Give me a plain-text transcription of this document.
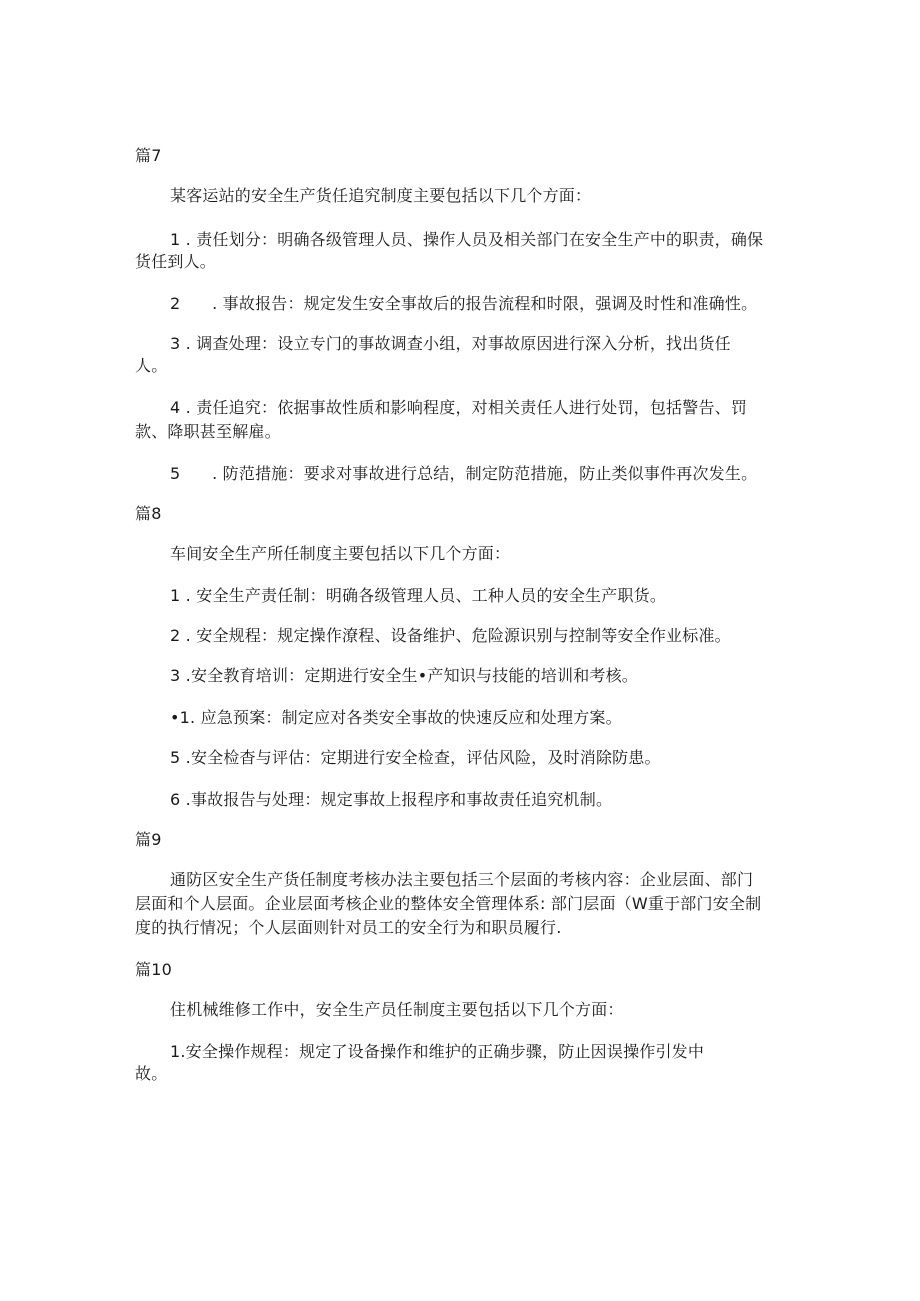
篇7
某客运站的安全生产货任追究制度主要包括以下几个方面：
1 . 责任划分：明确各级管理人员、操作人员及相关部门在安全生产中的职责，确保
货任到人。
2      . 事故报告：规定发生安全事故后的报告流程和时限，强调及时性和准确性。
3 . 调查处理：设立专门的事故调查小组，对事故原因进行深入分析，找出货任
人。
4 . 责任追究：依据事故性质和影响程度，对相关责任人进行处罚，包括警告、罚
款、降职甚至解雇。
5      . 防范措施：要求对事故进行总结，制定防范措施，防止类似事件再次发生。
篇8
车间安全生产所任制度主要包括以下几个方面：
1 . 安全生产责任制：明确各级管理人员、工种人员的安全生产职货。
2 . 安全规程：规定操作潦程、设备维护、危险源识别与控制等安全作业标准。
3 .安全教育培训：定期进行安全生•产知识与技能的培训和考核。
•1. 应急预案：制定应对各类安全事故的快速反应和处理方案。
5 .安全检杳与评估：定期进行安全检查，评估风险，及时消除防患。
6 .事故报告与处理：规定事故上报程序和事故责任追究机制。
篇9
通防区安全生产货任制度考核办法主要包括三个层面的考核内容：企业层面、部门
层面和个人层面。企业层面考核企业的整体安全管理体系: 部门层面（W重于部门安全制
度的执行情况；个人层面则针对员工的安全行为和职员履行.
篇10
住机械维修工作中，安全生产员任制度主要包括以下几个方面：
1.安全操作规程：规定了设备操作和维护的正确步骤，防止因误操作引发中
故。
